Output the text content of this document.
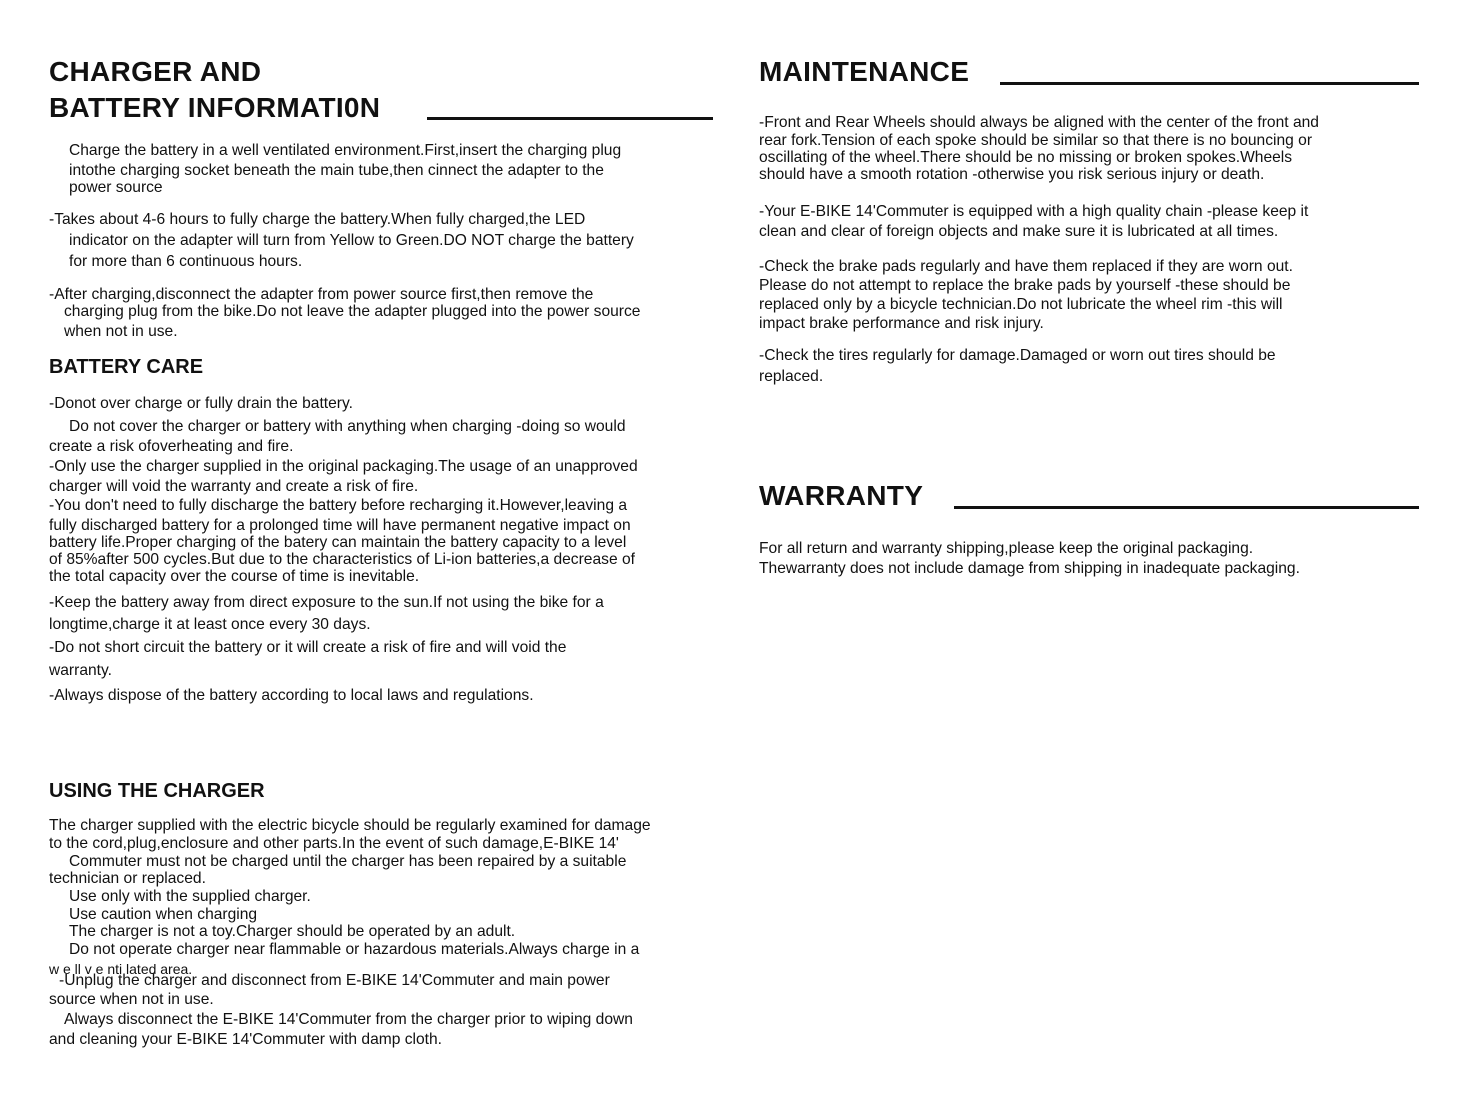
CHARGER AND
BATTERY INFORMATI0N
Charge the battery in a well ventilated environment.First,insert the charging plug
intothe charging socket beneath the main tube,then cinnect the adapter to the
power source
-Takes about 4-6 hours to fully charge the battery.When fully charged,the LED
indicator on the adapter will turn from Yellow to Green.DO NOT charge the battery
for more than 6 continuous hours.
-After charging,disconnect the adapter from power source first,then remove the
charging plug from the bike.Do not leave the adapter plugged into the power source
when not in use.
BATTERY CARE
-Donot over charge or fully drain the battery.
Do not cover the charger or battery with anything when charging -doing so would
create a risk ofoverheating and fire.
-Only use the charger supplied in the original packaging.The usage of an unapproved
charger will void the warranty and create a risk of fire.
-You don't need to fully discharge the battery before recharging it.However,leaving a
fully discharged battery for a prolonged time will have permanent negative impact on
battery life.Proper charging of the batery can maintain the battery capacity to a level
of 85%after 500 cycles.But due to the characteristics of Li-ion batteries,a decrease of
the total capacity over the course of time is inevitable.
-Keep the battery away from direct exposure to the sun.If not using the bike for a
longtime,charge it at least once every 30 days.
-Do not short circuit the battery or it will create a risk of fire and will void the
warranty.
-Always dispose of the battery according to local laws and regulations.
USING THE CHARGER
The charger supplied with the electric bicycle should be regularly examined for damage
to the cord,plug,enclosure and other parts.In the event of such damage,E-BIKE 14'
Commuter must not be charged until the charger has been repaired by a suitable
technician or replaced.
Use only with the supplied charger.
Use caution when charging
The charger is not a toy.Charger should be operated by an adult.
Do not operate charger near flammable or hazardous materials.Always charge in a
w e ll v e nti lated area.
-Unplug the charger and disconnect from E-BIKE 14'Commuter and main power
source when not in use.
Always disconnect the E-BIKE 14'Commuter from the charger prior to wiping down
and cleaning your E-BIKE 14'Commuter with damp cloth.
MAINTENANCE
-Front and Rear Wheels should always be aligned with the center of the front and
rear fork.Tension of each spoke should be similar so that there is no bouncing or
oscillating of the wheel.There should be no missing or broken spokes.Wheels
should have a smooth rotation -otherwise you risk serious injury or death.
-Your E-BIKE 14'Commuter is equipped with a high quality chain -please keep it
clean and clear of foreign objects and make sure it is lubricated at all times.
-Check the brake pads regularly and have them replaced if they are worn out.
Please do not attempt to replace the brake pads by yourself -these should be
replaced only by a bicycle technician.Do not lubricate the wheel rim -this will
impact brake performance and risk injury.
-Check the tires regularly for damage.Damaged or worn out tires should be
replaced.
WARRANTY
For all return and warranty shipping,please keep the original packaging.
Thewarranty does not include damage from shipping in inadequate packaging.
